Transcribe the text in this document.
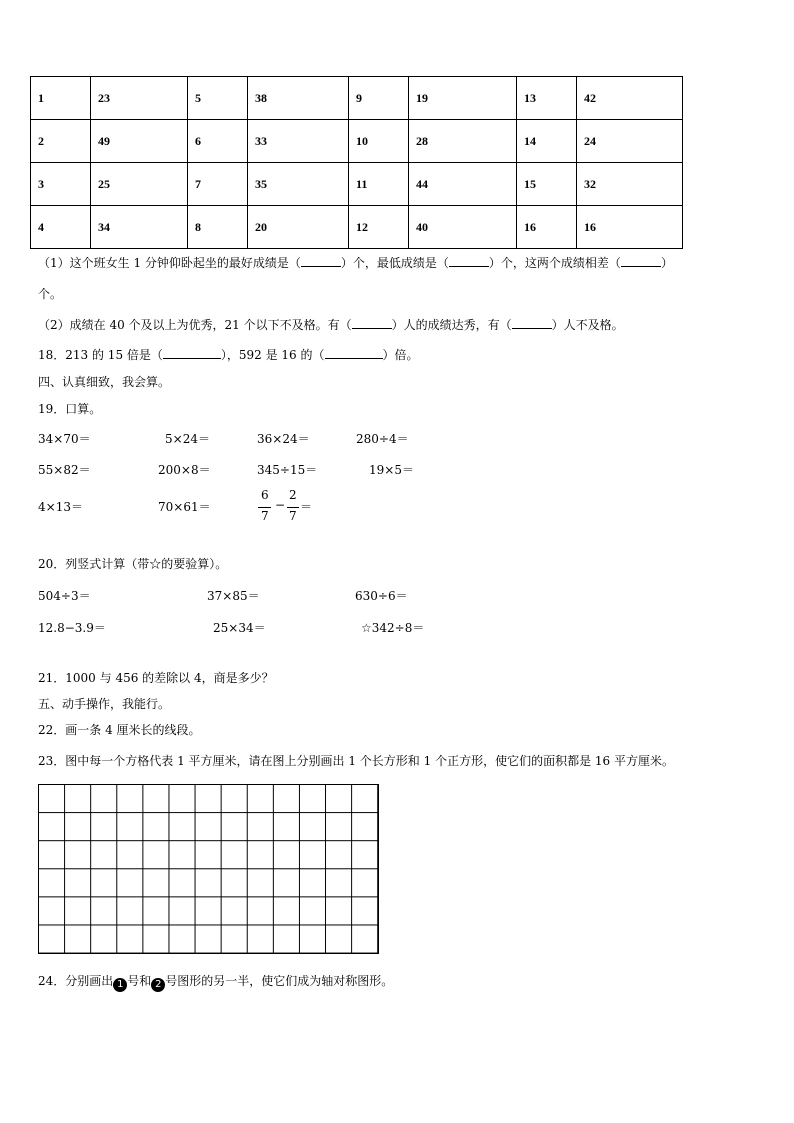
1	23	5	38	9	19	13	42
2	49	6	33	10	28	14	24
3	25	7	35	11	44	15	32
4	34	8	20	12	40	16	16
（1）这个班女生 1 分钟仰卧起坐的最好成绩是（	）个，最低成绩是（	）个，这两个成绩相差（	）
个。
（2）成绩在 40 个及以上为优秀，21 个以下不及格。有（	）人的成绩达秀，有（	）人不及格。
18．213 的 15 倍是（	），592 是 16 的（	）倍。
四、认真细致，我会算。
19．口算。
34×70＝	5×24＝	36×24＝	280÷4＝
55×82＝	200×8＝	345÷15＝	19×5＝
4×13＝	70×61＝
6
7
−
2
7
＝
20．列竖式计算（带☆的要验算）。
504÷3＝	37×85＝	630÷6＝
12.8−3.9＝	25×34＝	☆342÷8＝
21．1000 与 456 的差除以 4，商是多少？
五、动手操作，我能行。
22．画一条 4 厘米长的线段。
23．图中每一个方格代表 1 平方厘米，请在图上分别画出 1 个长方形和 1 个正方形，使它们的面积都是 16 平方厘米。
24．分别画出 1 号和 2 号图形的另一半，使它们成为轴对称图形。
